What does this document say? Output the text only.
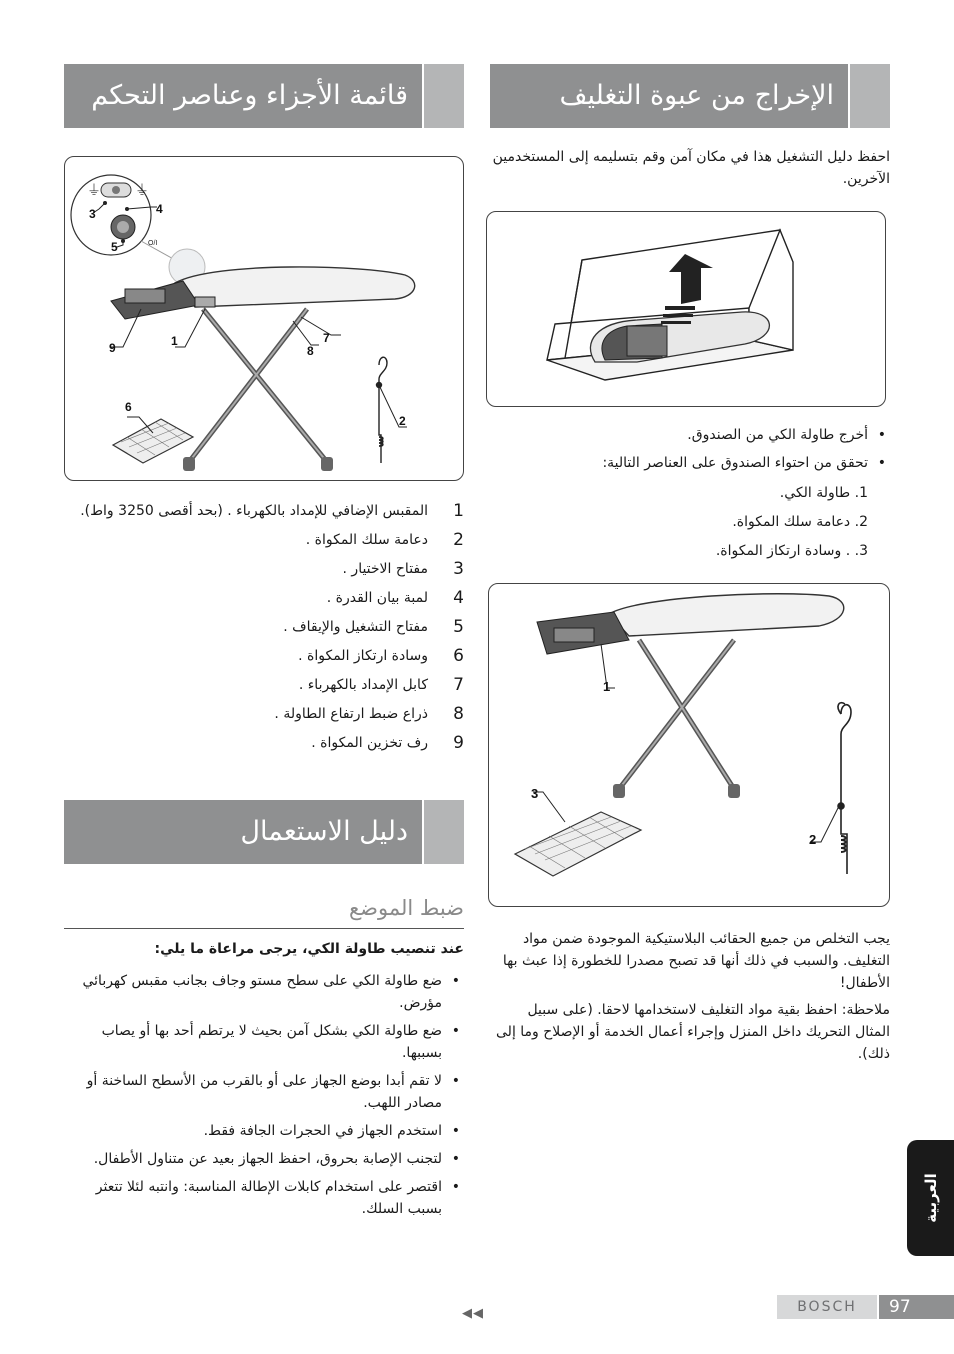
الإخراج من عبوة التغليف
احفظ دليل التشغيل هذا في مكان آمن وقم بتسليمه إلى المستخدمين الآخرين.
• أخرج طاولة الكي من الصندوق.
• تحقق من احتواء الصندوق على العناصر التالية:
1. طاولة الكي.
2. دعامة سلك المكواة.
3. . وسادة ارتكاز المكواة.
1
2
3
يجب التخلص من جميع الحقائب البلاستيكية الموجودة ضمن مواد التغليف. والسبب في ذلك أنها قد تصبح مصدرا للخطورة إذا عبث بها الأطفال!
ملاحظة: احفظ بقية مواد التغليف لاستخدامها لاحقا. (على سبيل المثال التحريك داخل المنزل وإجراء أعمال الخدمة أو الإصلاح وما إلى ذلك).
قائمة الأجزاء وعناصر التحكم
⏚ ⏚
O/I
3	4
5
9	1
8
7
6
2
1
المقبس الإضافي للإمداد بالكهرباء . (بحد أقصى 3250 واط).
2
دعامة سلك المكواة .
3
مفتاح الاختيار .
4
لمبة بيان القدرة .
5
مفتاح التشغيل والإيقاف .
6
وسادة ارتكاز المكواة .
7
كابل الإمداد بالكهرباء .
8
ذراع ضبط ارتفاع الطاولة .
9
رف تخزين المكواة .
دليل الاستعمال
ضبط الموضع
عند تنصيب طاولة الكي، يرجى مراعاة ما يلي:
• ضع طاولة الكي على سطح مستو وجاف بجانب مقبس كهربائي مؤرض.
• ضع طاولة الكي بشكل آمن بحيث لا يرتطم أحد بها أو يصاب بسببها.
• لا تقم أبدا بوضع الجهاز على أو بالقرب من الأسطح الساخنة أو مصادر اللهب.
• استخدم الجهاز في الحجرات الجافة فقط.
• لتجنب الإصابة بحروق، احفظ الجهاز بعيد عن متناول الأطفال.
• اقتصر على استخدام كابلات الإطالة المناسبة: وانتبه لئلا تتعثر بسبب السلك.	العربية
◀◀	BOSCH	97
